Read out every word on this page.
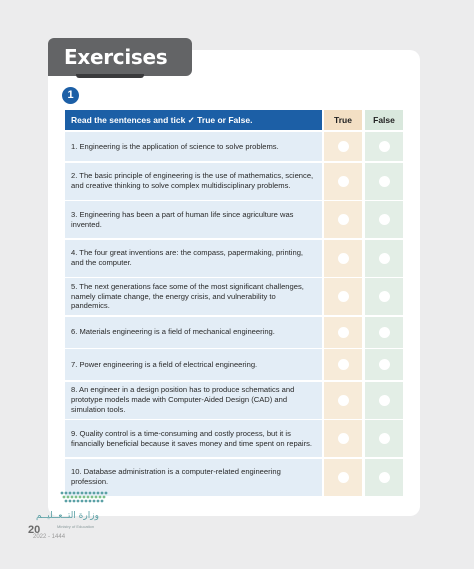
Exercises
1
Read the sentences and tick ✓ True or False.	True	False
1. Engineering is the application of science to solve problems.
2. The basic principle of engineering is the use of mathematics, science, and creative thinking to solve complex multidisciplinary problems.
3. Engineering has been a part of human life since agriculture was invented.
4. The four great inventions are: the compass, papermaking, printing, and the computer.
5. The next generations face some of the most significant challenges, namely climate change, the energy crisis, and vulnerability to pandemics.
6. Materials engineering is a field of mechanical engineering.
7. Power engineering is a field of electrical engineering.
8. An engineer in a design position has to produce schematics and prototype models made with Computer-Aided Design (CAD) and simulation tools.
9. Quality control is a time-consuming and costly process, but it is financially beneficial because it saves money and time spent on repairs.
10. Database administration is a computer-related engineering profession.
وزارة التــعــليــم
Ministry of Education
20
2022 - 1444
